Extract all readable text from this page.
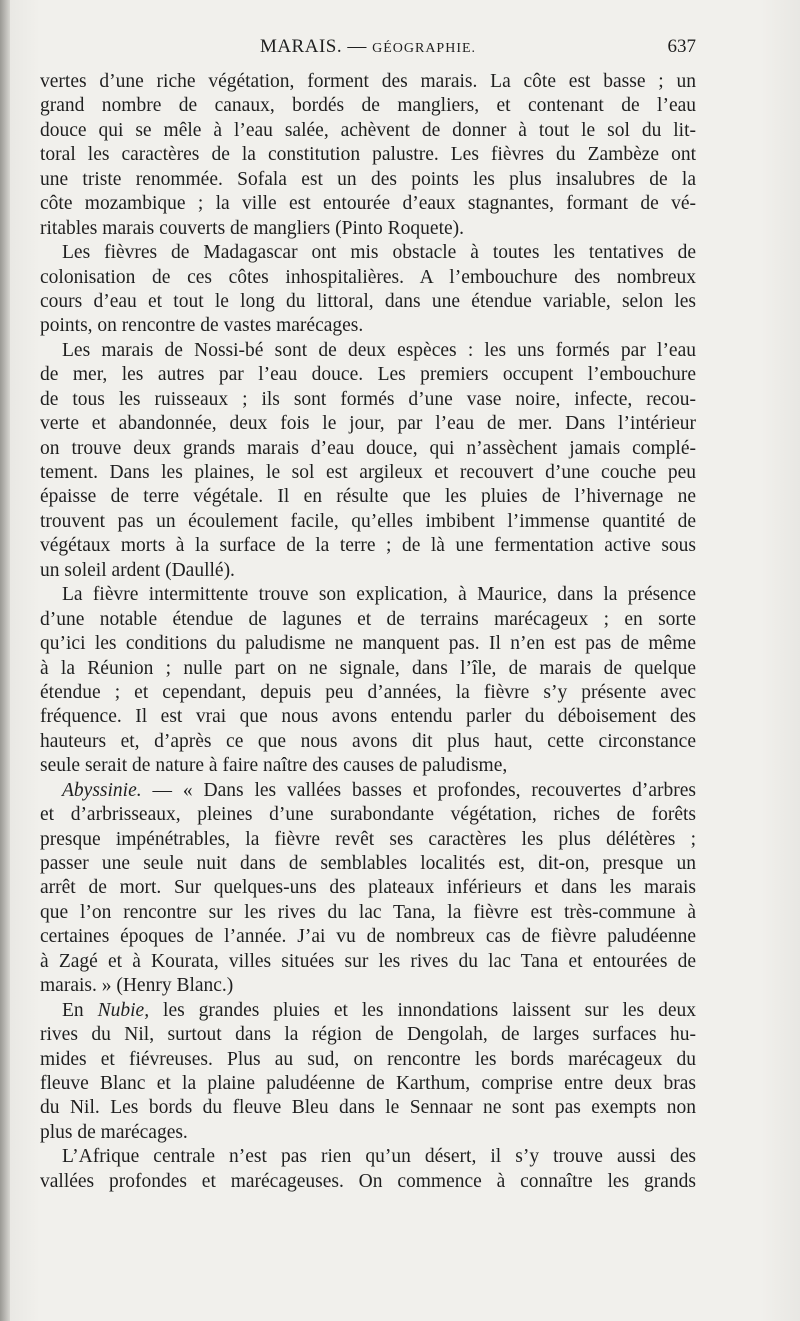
MARAIS. — GÉOGRAPHIE.	637
vertes d’une riche végétation, forment des marais. La côte est basse ; un
grand nombre de canaux, bordés de mangliers, et contenant de l’eau
douce qui se mêle à l’eau salée, achèvent de donner à tout le sol du lit-
toral les caractères de la constitution palustre. Les fièvres du Zambèze ont
une triste renommée. Sofala est un des points les plus insalubres de la
côte mozambique ; la ville est entourée d’eaux stagnantes, formant de vé-
ritables marais couverts de mangliers (Pinto Roquete).
Les fièvres de Madagascar ont mis obstacle à toutes les tentatives de
colonisation de ces côtes inhospitalières. A l’embouchure des nombreux
cours d’eau et tout le long du littoral, dans une étendue variable, selon les
points, on rencontre de vastes marécages.
Les marais de Nossi-bé sont de deux espèces : les uns formés par l’eau
de mer, les autres par l’eau douce. Les premiers occupent l’embouchure
de tous les ruisseaux ; ils sont formés d’une vase noire, infecte, recou-
verte et abandonnée, deux fois le jour, par l’eau de mer. Dans l’intérieur
on trouve deux grands marais d’eau douce, qui n’assèchent jamais complé-
tement. Dans les plaines, le sol est argileux et recouvert d’une couche peu
épaisse de terre végétale. Il en résulte que les pluies de l’hivernage ne
trouvent pas un écoulement facile, qu’elles imbibent l’immense quantité de
végétaux morts à la surface de la terre ; de là une fermentation active sous
un soleil ardent (Daullé).
La fièvre intermittente trouve son explication, à Maurice, dans la présence
d’une notable étendue de lagunes et de terrains marécageux ; en sorte
qu’ici les conditions du paludisme ne manquent pas. Il n’en est pas de même
à la Réunion ; nulle part on ne signale, dans l’île, de marais de quelque
étendue ; et cependant, depuis peu d’années, la fièvre s’y présente avec
fréquence. Il est vrai que nous avons entendu parler du déboisement des
hauteurs et, d’après ce que nous avons dit plus haut, cette circonstance
seule serait de nature à faire naître des causes de paludisme,
Abyssinie. — « Dans les vallées basses et profondes, recouvertes d’arbres
et d’arbrisseaux, pleines d’une surabondante végétation, riches de forêts
presque impénétrables, la fièvre revêt ses caractères les plus délétères ;
passer une seule nuit dans de semblables localités est, dit-on, presque un
arrêt de mort. Sur quelques-uns des plateaux inférieurs et dans les marais
que l’on rencontre sur les rives du lac Tana, la fièvre est très-commune à
certaines époques de l’année. J’ai vu de nombreux cas de fièvre paludéenne
à Zagé et à Kourata, villes situées sur les rives du lac Tana et entourées de
marais. » (Henry Blanc.)
En Nubie, les grandes pluies et les innondations laissent sur les deux
rives du Nil, surtout dans la région de Dengolah, de larges surfaces hu-
mides et fiévreuses. Plus au sud, on rencontre les bords marécageux du
fleuve Blanc et la plaine paludéenne de Karthum, comprise entre deux bras
du Nil. Les bords du fleuve Bleu dans le Sennaar ne sont pas exempts non
plus de marécages.
L’Afrique centrale n’est pas rien qu’un désert, il s’y trouve aussi des
vallées profondes et marécageuses. On commence à connaître les grands
